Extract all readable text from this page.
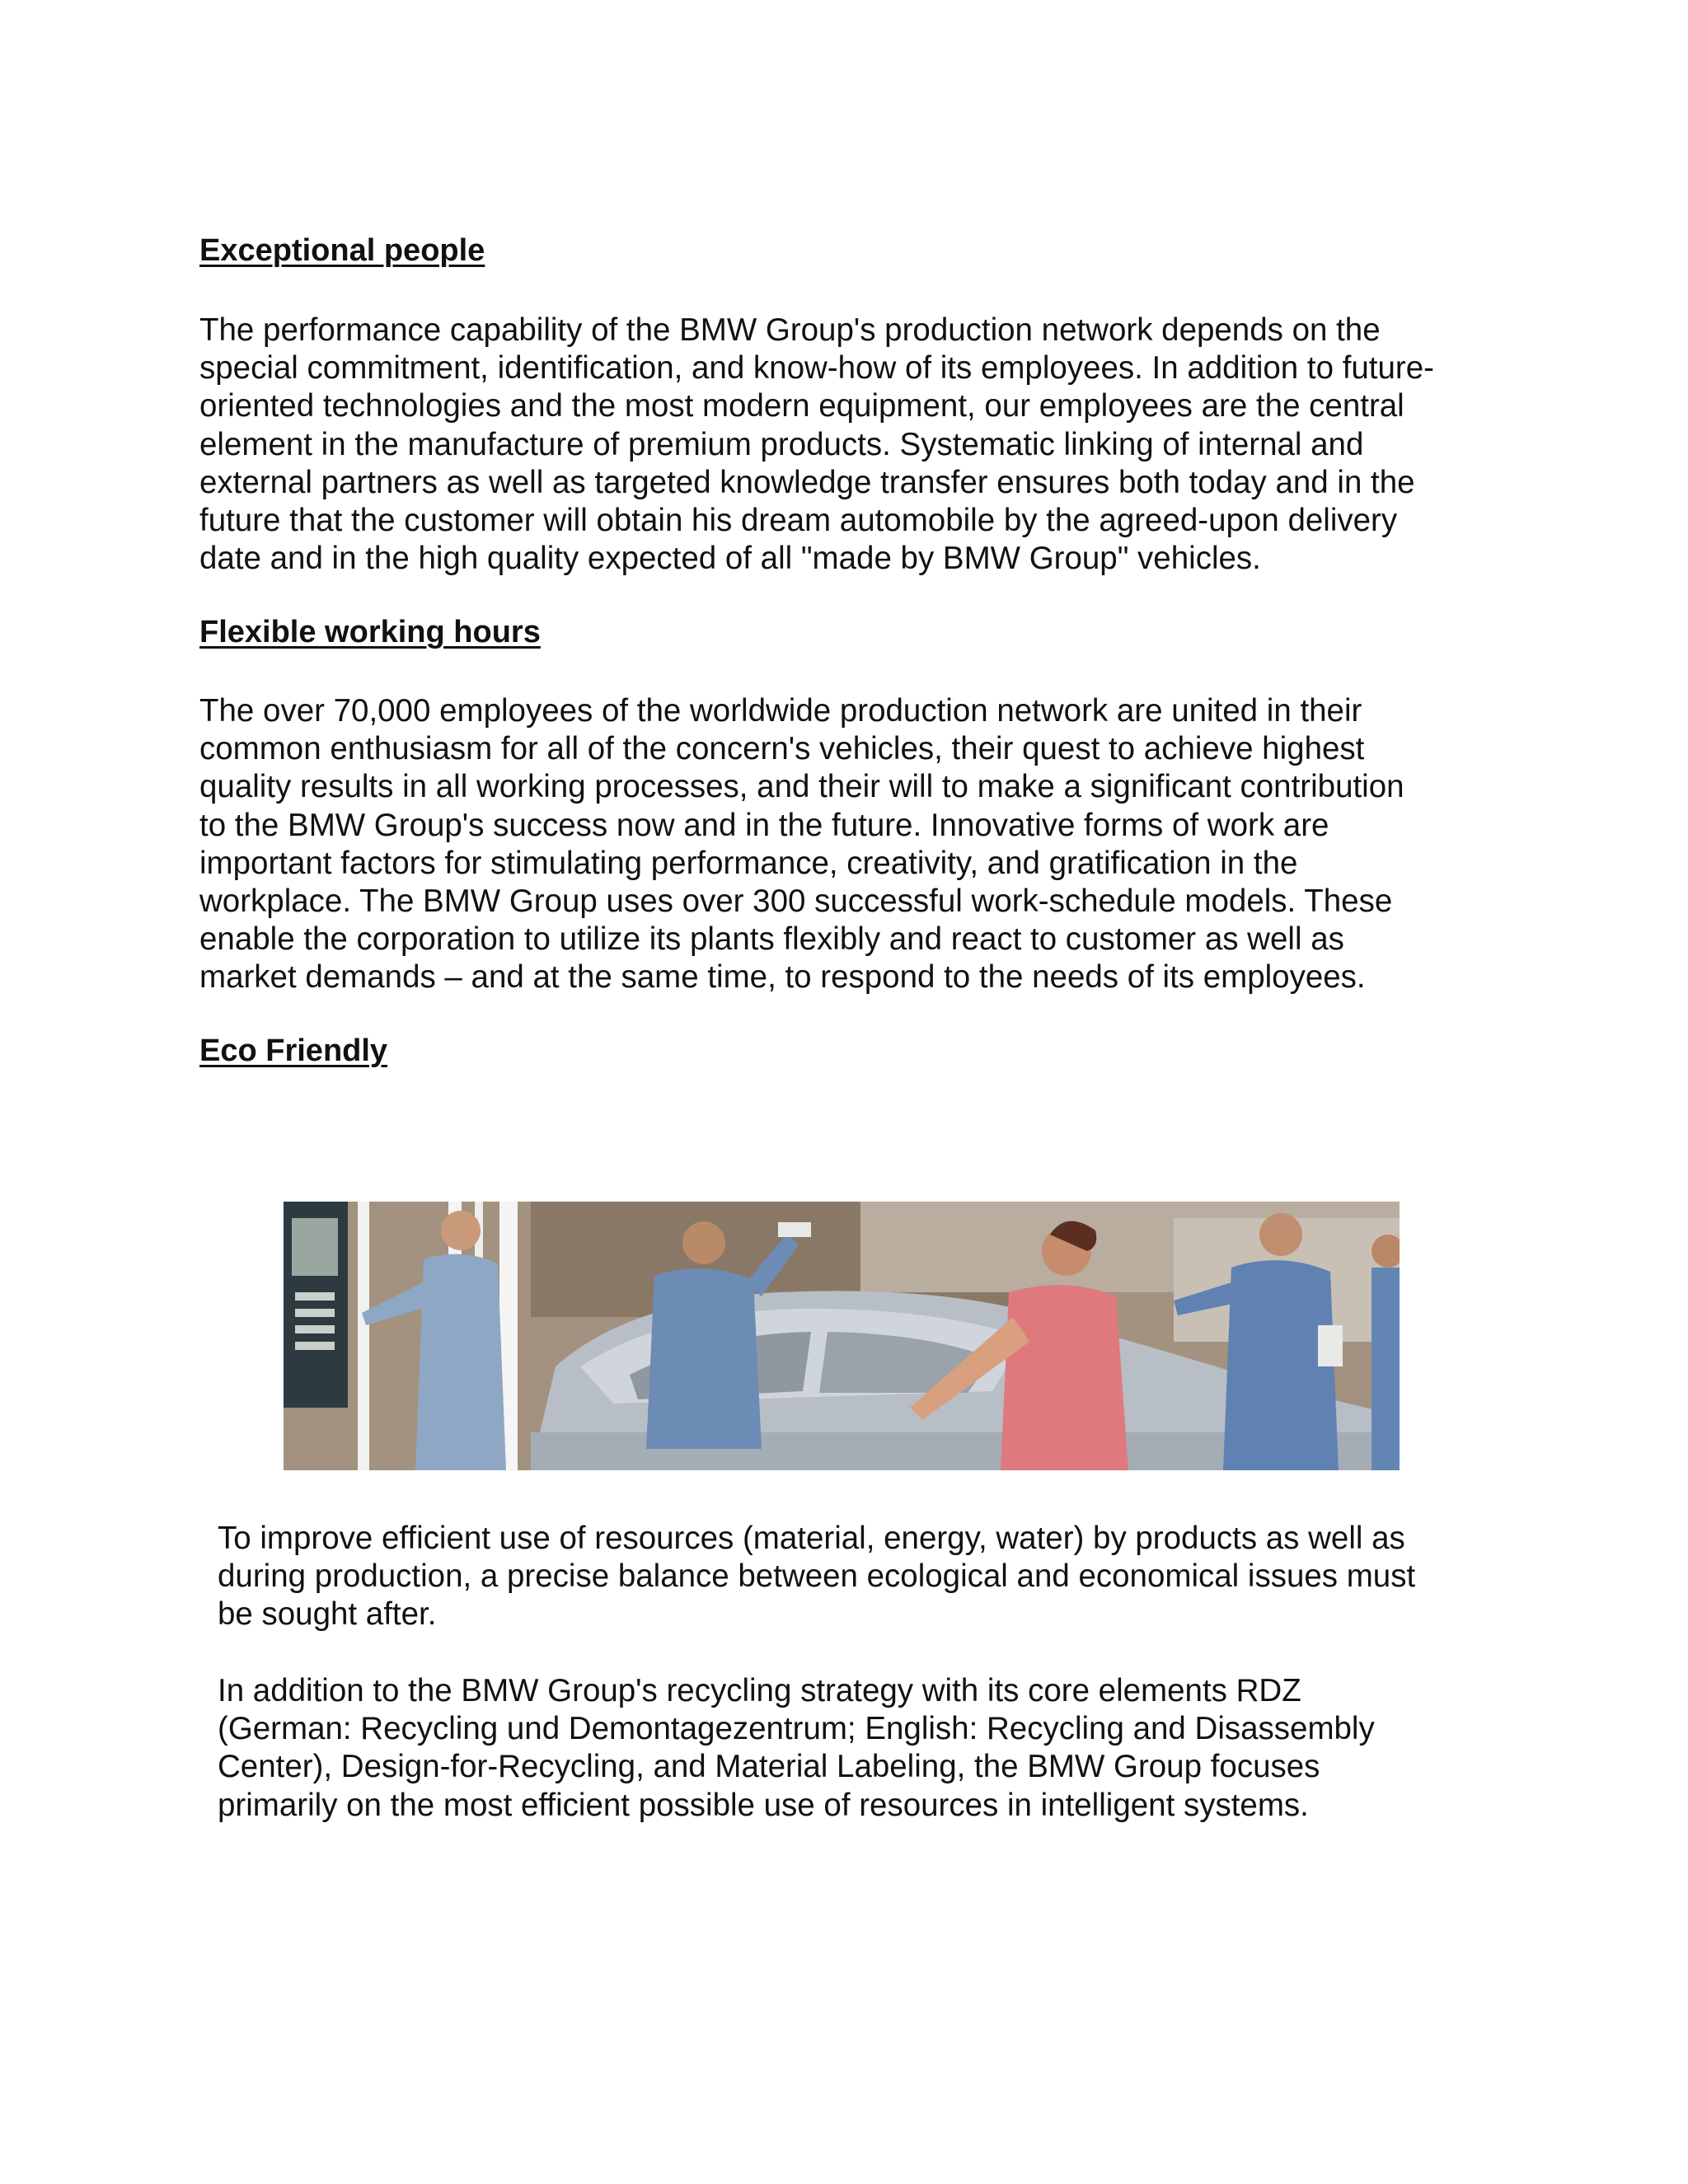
Exceptional people

The performance capability of the BMW Group's production network depends on the
special commitment, identification, and know-how of its employees. In addition to future-
oriented technologies and the most modern equipment, our employees are the central
element in the manufacture of premium products. Systematic linking of internal and
external partners as well as targeted knowledge transfer ensures both today and in the
future that the customer will obtain his dream automobile by the agreed-upon delivery
date and in the high quality expected of all "made by BMW Group" vehicles.

Flexible working hours

The over 70,000 employees of the worldwide production network are united in their
common enthusiasm for all of the concern's vehicles, their quest to achieve highest
quality results in all working processes, and their will to make a significant contribution
to the BMW Group's success now and in the future. Innovative forms of work are
important factors for stimulating performance, creativity, and gratification in the
workplace. The BMW Group uses over 300 successful work-schedule models. These
enable the corporation to utilize its plants flexibly and react to customer as well as
market demands – and at the same time, to respond to the needs of its employees.

Eco Friendly

To improve efficient use of resources (material, energy, water) by products as well as
during production, a precise balance between ecological and economical issues must
be sought after.

In addition to the BMW Group's recycling strategy with its core elements RDZ
(German: Recycling und Demontagezentrum; English: Recycling and Disassembly
Center), Design-for-Recycling, and Material Labeling, the BMW Group focuses
primarily on the most efficient possible use of resources in intelligent systems.
